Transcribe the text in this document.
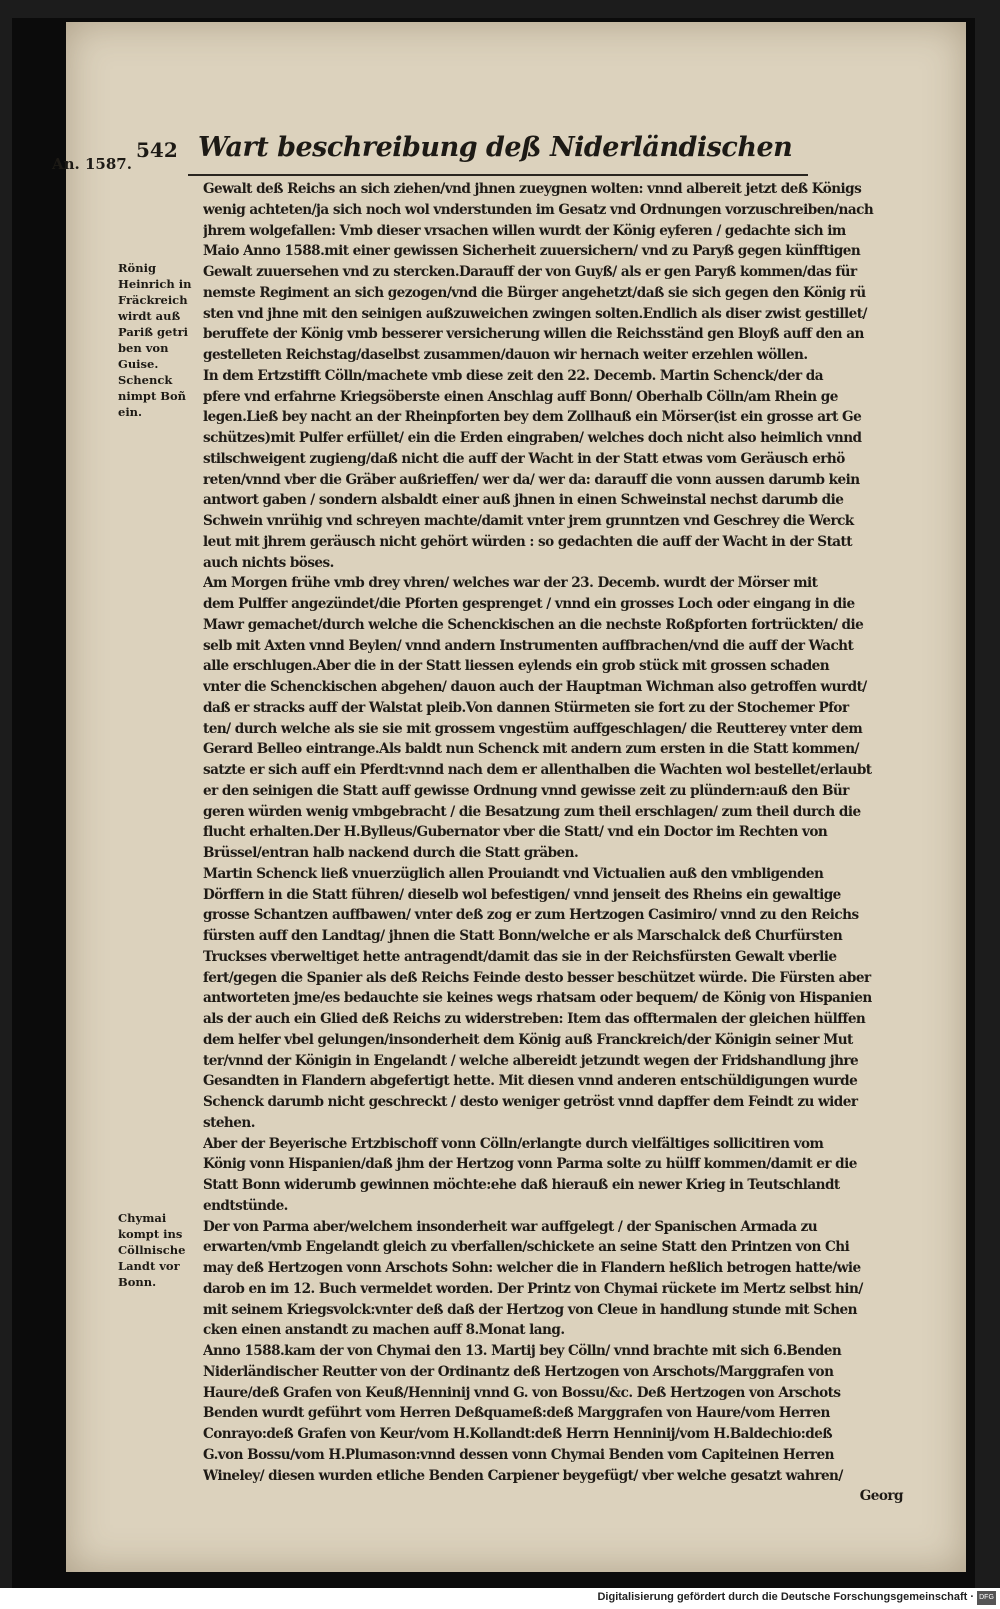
542 Wart beschreibung deß Niderländischen
An. 1587.
Rönig
Heinrich in
Fräckreich
wirdt auß
Pariß getri
ben von
Guise.
Schenck
nimpt Boñ
ein.
Chymai
kompt ins
Cöllnische
Landt vor
Bonn.
Gewalt deß Reichs an sich ziehen/vnd jhnen zueygnen wolten: vnnd albereit jetzt deß Königs
wenig achteten/ja sich noch wol vnderstunden im Gesatz vnd Ordnungen vorzuschreiben/nach
jhrem wolgefallen: Vmb dieser vrsachen willen wurdt der König eyferen / gedachte sich im
Maio Anno 1588.mit einer gewissen Sicherheit zuuersichern/ vnd zu Paryß gegen künfftigen
Gewalt zuuersehen vnd zu stercken.Darauff der von Guyß/ als er gen Paryß kommen/das für
nemste Regiment an sich gezogen/vnd die Bürger angehetzt/daß sie sich gegen den König rü
sten vnd jhne mit den seinigen außzuweichen zwingen solten.Endlich als diser zwist gestillet/
beruffete der König vmb besserer versicherung willen die Reichsständ gen Bloyß auff den an
gestelleten Reichstag/daselbst zusammen/dauon wir hernach weiter erzehlen wöllen.
In dem Ertzstifft Cölln/machete vmb diese zeit den 22. Decemb. Martin Schenck/der da
pfere vnd erfahrne Kriegsöberste einen Anschlag auff Bonn/ Oberhalb Cölln/am Rhein ge
legen.Ließ bey nacht an der Rheinpforten bey dem Zollhauß ein Mörser(ist ein grosse art Ge
schützes)mit Pulfer erfüllet/ ein die Erden eingraben/ welches doch nicht also heimlich vnnd
stilschweigent zugieng/daß nicht die auff der Wacht in der Statt etwas vom Geräusch erhö
reten/vnnd vber die Gräber außrieffen/ wer da/ wer da: darauff die vonn aussen darumb kein
antwort gaben / sondern alsbaldt einer auß jhnen in einen Schweinstal nechst darumb die
Schwein vnrühig vnd schreyen machte/damit vnter jrem grunntzen vnd Geschrey die Werck
leut mit jhrem geräusch nicht gehört würden : so gedachten die auff der Wacht in der Statt
auch nichts böses.
Am Morgen frühe vmb drey vhren/ welches war der 23. Decemb. wurdt der Mörser mit
dem Pulffer angezündet/die Pforten gesprenget / vnnd ein grosses Loch oder eingang in die
Mawr gemachet/durch welche die Schenckischen an die nechste Roßpforten fortrückten/ die
selb mit Axten vnnd Beylen/ vnnd andern Instrumenten auffbrachen/vnd die auff der Wacht
alle erschlugen.Aber die in der Statt liessen eylends ein grob stück mit grossen schaden
vnter die Schenckischen abgehen/ dauon auch der Hauptman Wichman also getroffen wurdt/
daß er stracks auff der Walstat pleib.Von dannen Stürmeten sie fort zu der Stochemer Pfor
ten/ durch welche als sie sie mit grossem vngestüm auffgeschlagen/ die Reutterey vnter dem
Gerard Belleo eintrange.Als baldt nun Schenck mit andern zum ersten in die Statt kommen/
satzte er sich auff ein Pferdt:vnnd nach dem er allenthalben die Wachten wol bestellet/erlaubt
er den seinigen die Statt auff gewisse Ordnung vnnd gewisse zeit zu plündern:auß den Bür
geren würden wenig vmbgebracht / die Besatzung zum theil erschlagen/ zum theil durch die
flucht erhalten.Der H.Bylleus/Gubernator vber die Statt/ vnd ein Doctor im Rechten von
Brüssel/entran halb nackend durch die Statt gräben.
Martin Schenck ließ vnuerzüglich allen Prouiandt vnd Victualien auß den vmbligenden
Dörffern in die Statt führen/ dieselb wol befestigen/ vnnd jenseit des Rheins ein gewaltige
grosse Schantzen auffbawen/ vnter deß zog er zum Hertzogen Casimiro/ vnnd zu den Reichs
fürsten auff den Landtag/ jhnen die Statt Bonn/welche er als Marschalck deß Churfürsten
Truckses vberweltiget hette antragendt/damit das sie in der Reichsfürsten Gewalt vberlie
fert/gegen die Spanier als deß Reichs Feinde desto besser beschützet würde. Die Fürsten aber
antworteten jme/es bedauchte sie keines wegs rhatsam oder bequem/ de König von Hispanien
als der auch ein Glied deß Reichs zu widerstreben: Item das offtermalen der gleichen hülffen
dem helfer vbel gelungen/insonderheit dem König auß Franckreich/der Königin seiner Mut
ter/vnnd der Königin in Engelandt / welche albereidt jetzundt wegen der Fridshandlung jhre
Gesandten in Flandern abgefertigt hette. Mit diesen vnnd anderen entschüldigungen wurde
Schenck darumb nicht geschreckt / desto weniger getröst vnnd dapffer dem Feindt zu wider
stehen.
Aber der Beyerische Ertzbischoff vonn Cölln/erlangte durch vielfältiges sollicitiren vom
König vonn Hispanien/daß jhm der Hertzog vonn Parma solte zu hülff kommen/damit er die
Statt Bonn widerumb gewinnen möchte:ehe daß hierauß ein newer Krieg in Teutschlandt
endtstünde.
Der von Parma aber/welchem insonderheit war auffgelegt / der Spanischen Armada zu
erwarten/vmb Engelandt gleich zu vberfallen/schickete an seine Statt den Printzen von Chi
may deß Hertzogen vonn Arschots Sohn: welcher die in Flandern heßlich betrogen hatte/wie
darob en im 12. Buch vermeldet worden. Der Printz von Chymai rückete im Mertz selbst hin/
mit seinem Kriegsvolck:vnter deß daß der Hertzog von Cleue in handlung stunde mit Schen
cken einen anstandt zu machen auff 8.Monat lang.
Anno 1588.kam der von Chymai den 13. Martij bey Cölln/ vnnd brachte mit sich 6.Benden
Niderländischer Reutter von der Ordinantz deß Hertzogen von Arschots/Marggrafen von
Haure/deß Grafen von Keuß/Henninij vnnd G. von Bossu/&c. Deß Hertzogen von Arschots
Benden wurdt geführt vom Herren Deßquameß:deß Marggrafen von Haure/vom Herren
Conrayo:deß Grafen von Keur/vom H.Kollandt:deß Herrn Henninij/vom H.Baldechio:deß
G.von Bossu/vom H.Plumason:vnnd dessen vonn Chymai Benden vom Capiteinen Herren
Wineley/ diesen wurden etliche Benden Carpiener beygefügt/ vber welche gesatzt wahren/
Georg
Digitalisierung gefördert durch die Deutsche Forschungsgemeinschaft · DFG
